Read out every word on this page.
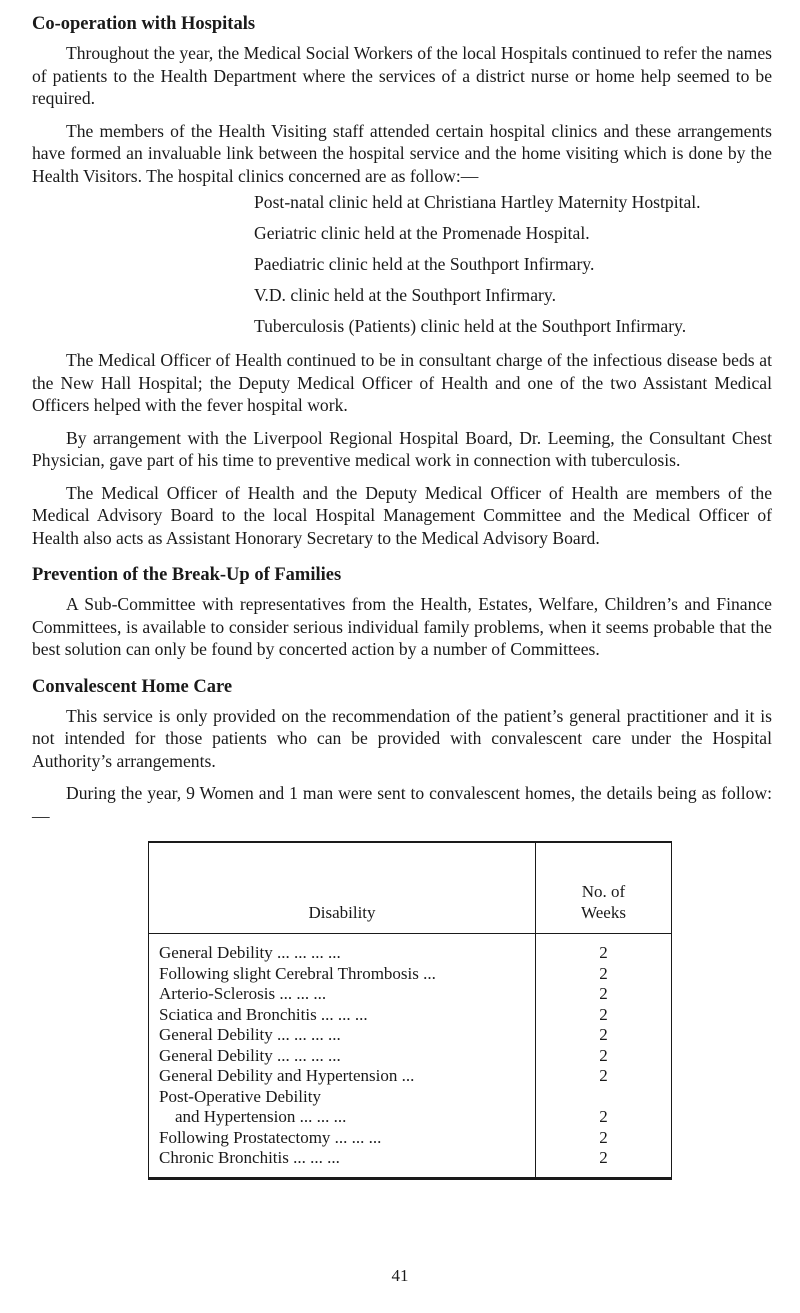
Co-operation with Hospitals

Throughout the year, the Medical Social Workers of the local Hospitals continued to refer the names of patients to the Health Department where the services of a district nurse or home help seemed to be required.

The members of the Health Visiting staff attended certain hospital clinics and these arrangements have formed an invaluable link between the hospital service and the home visiting which is done by the Health Visitors. The hospital clinics concerned are as follow:—

Post-natal clinic held at Christiana Hartley Maternity Hostpital.
Geriatric clinic held at the Promenade Hospital.
Paediatric clinic held at the Southport Infirmary.
V.D. clinic held at the Southport Infirmary.
Tuberculosis (Patients) clinic held at the Southport Infirmary.

The Medical Officer of Health continued to be in consultant charge of the infectious disease beds at the New Hall Hospital; the Deputy Medical Officer of Health and one of the two Assistant Medical Officers helped with the fever hospital work.

By arrangement with the Liverpool Regional Hospital Board, Dr. Leeming, the Consultant Chest Physician, gave part of his time to preventive medical work in connection with tuberculosis.

The Medical Officer of Health and the Deputy Medical Officer of Health are members of the Medical Advisory Board to the local Hospital Management Committee and the Medical Officer of Health also acts as Assistant Honorary Secretary to the Medical Advisory Board.

Prevention of the Break-Up of Families

A Sub-Committee with representatives from the Health, Estates, Welfare, Children’s and Finance Committees, is available to consider serious individual family problems, when it seems probable that the best solution can only be found by concerted action by a number of Committees.

Convalescent Home Care

This service is only provided on the recommendation of the patient’s general practitioner and it is not intended for those patients who can be provided with convalescent care under the Hospital Authority’s arrangements.

During the year, 9 Women and 1 man were sent to convalescent homes, the details being as follow:—

Disability	No. of
Weeks
General Debility ... ... ... ...	2
Following slight Cerebral Thrombosis ...	2
Arterio-Sclerosis ... ... ...	2
Sciatica and Bronchitis ... ... ...	2
General Debility ... ... ... ...	2
General Debility ... ... ... ...	2
General Debility and Hypertension ...	2
Post-Operative Debility	
and Hypertension ... ... ...	2
Following Prostatectomy ... ... ...	2
Chronic Bronchitis ... ... ...	2
41
